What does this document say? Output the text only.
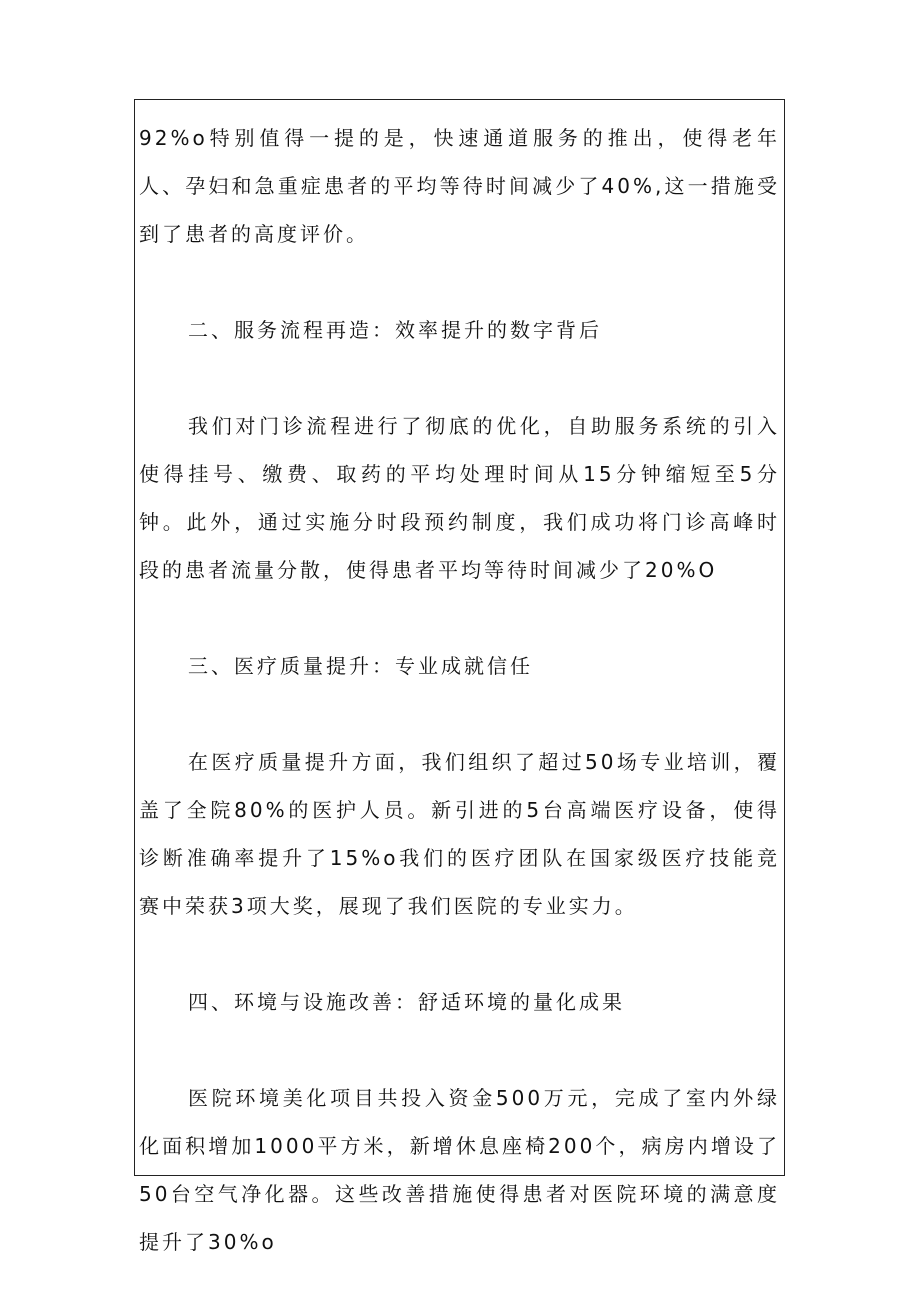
92%o特别值得一提的是，快速通道服务的推出，使得老年人、孕妇和急重症患者的平均等待时间减少了40%,这一措施受到了患者的高度评价。

二、服务流程再造：效率提升的数字背后

我们对门诊流程进行了彻底的优化，自助服务系统的引入使得挂号、缴费、取药的平均处理时间从15分钟缩短至5分钟。此外，通过实施分时段预约制度，我们成功将门诊高峰时段的患者流量分散，使得患者平均等待时间减少了20%O

三、医疗质量提升：专业成就信任

在医疗质量提升方面，我们组织了超过50场专业培训，覆盖了全院80%的医护人员。新引进的5台高端医疗设备，使得诊断准确率提升了15%o我们的医疗团队在国家级医疗技能竞赛中荣获3项大奖，展现了我们医院的专业实力。

四、环境与设施改善：舒适环境的量化成果

医院环境美化项目共投入资金500万元，完成了室内外绿化面积增加1000平方米，新增休息座椅200个，病房内增设了50台空气净化器。这些改善措施使得患者对医院环境的满意度提升了30%o
